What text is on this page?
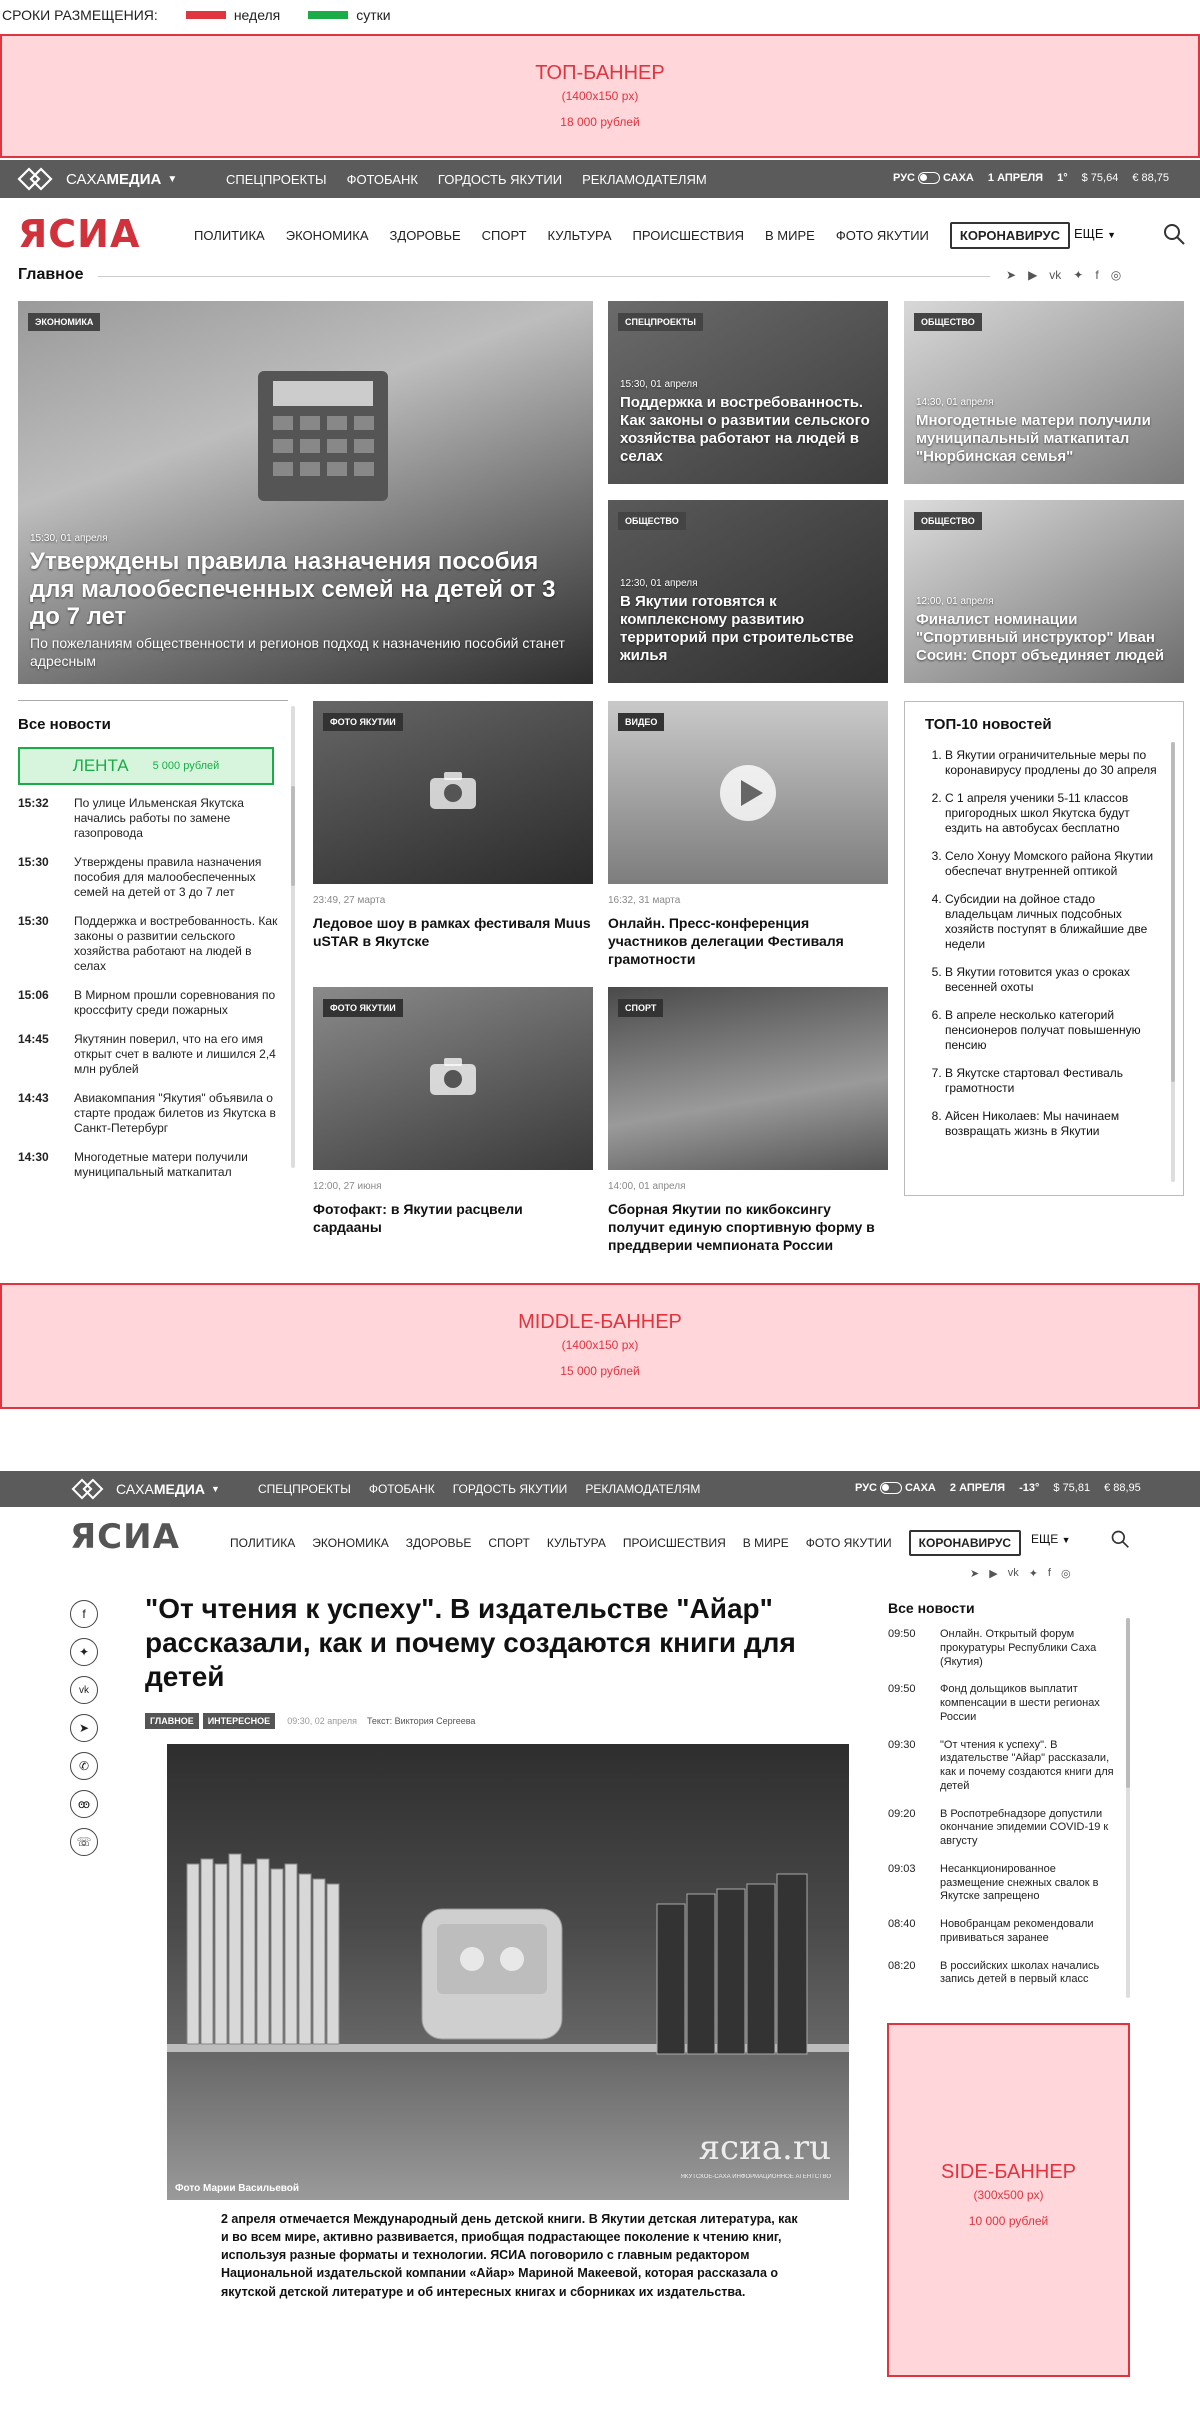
СРОКИ РАЗМЕЩЕНИЯ:	неделя	сутки
ТОП-БАННЕР
(1400x150 px)
18 000 рублей
САХА МЕДИА ▼	СПЕЦПРОЕКТЫ ФОТОБАНК ГОРДОСТЬ ЯКУТИИ РЕКЛАМОДАТЕЛЯМ	РУС	САХА 1 АПРЕЛЯ 1° $ 75,64 € 88,75
ЯСИА	ПОЛИТИКА ЭКОНОМИКА ЗДОРОВЬЕ СПОРТ КУЛЬТУРА ПРОИСШЕСТВИЯ В МИРЕ ФОТО ЯКУТИИ	КОРОНАВИРУС	ЕЩЕ ▼
Главное	➤ ▶ vk ✦ f ◎
ЭКОНОМИКА
15:30, 01 апреля
Утверждены правила назначения пособия для малообеспеченных семей на детей от 3 до 7 лет
По пожеланиям общественности и регионов подход к назначению пособий станет адресным
СПЕЦПРОЕКТЫ
15:30, 01 апреля
Поддержка и востребованность. Как законы о развитии сельского хозяйства работают на людей в селах
ОБЩЕСТВО
14:30, 01 апреля
Многодетные матери получили муниципальный маткапитал "Нюрбинская семья"
ОБЩЕСТВО
12:30, 01 апреля
В Якутии готовятся к комплексному развитию территорий при строительстве жилья
ОБЩЕСТВО
12:00, 01 апреля
Финалист номинации "Спортивный инструктор" Иван Сосин: Спорт объединяет людей
Все новости
ЛЕНТА 5 000 рублей
15:32	По улице Ильменская Якутска начались работы по замене газопровода
15:30	Утверждены правила назначения пособия для малообеспеченных семей на детей от 3 до 7 лет
15:30	Поддержка и востребованность. Как законы о развитии сельского хозяйства работают на людей в селах
15:06	В Мирном прошли соревнования по кроссфиту среди пожарных
14:45	Якутянин поверил, что на его имя открыт счет в валюте и лишился 2,4 млн рублей
14:43	Авиакомпания "Якутия" объявила о старте продаж билетов из Якутска в Санкт-Петербург
14:30	Многодетные матери получили муниципальный маткапитал
ФОТО ЯКУТИИ
23:49, 27 марта
Ледовое шоу в рамках фестиваля Muus uSTAR в Якутске
ВИДЕО
16:32, 31 марта
Онлайн. Пресс-конференция участников делегации Фестиваля грамотности
ФОТО ЯКУТИИ
12:00, 27 июня
Фотофакт: в Якутии расцвели сардааны
СПОРТ
14:00, 01 апреля
Сборная Якутии по кикбоксингу получит единую спортивную форму в преддверии чемпионата России
ТОП-10 новостей
1. В Якутии ограничительные меры по коронавирусу продлены до 30 апреля
2. С 1 апреля ученики 5-11 классов пригородных школ Якутска будут ездить на автобусах бесплатно
3. Село Хонуу Момского района Якутии обеспечат внутренней оптикой
4. Субсидии на дойное стадо владельцам личных подсобных хозяйств поступят в ближайшие две недели
5. В Якутии готовится указ о сроках весенней охоты
6. В апреле несколько категорий пенсионеров получат повышенную пенсию
7. В Якутске стартовал Фестиваль грамотности
8. Айсен Николаев: Мы начинаем возвращать жизнь в Якутии
MIDDLE-БАННЕР
(1400x150 px)
15 000 рублей
САХА МЕДИА ▼	СПЕЦПРОЕКТЫ ФОТОБАНК ГОРДОСТЬ ЯКУТИИ РЕКЛАМОДАТЕЛЯМ	РУС	САХА 2 АПРЕЛЯ -13° $ 75,81 € 88,95
ЯСИА	ПОЛИТИКА ЭКОНОМИКА ЗДОРОВЬЕ СПОРТ КУЛЬТУРА ПРОИСШЕСТВИЯ В МИРЕ ФОТО ЯКУТИИ	КОРОНАВИРУС	ЕЩЕ ▼
➤ ▶ vk ✦ f ◎
f
✦
vk
➤
✆
ꙭ
☏
"От чтения к успеху". В издательстве "Айар" рассказали, как и почему создаются книги для детей
ГЛАВНОЕ	ИНТЕРЕСНОЕ	09:30, 02 апреля Текст: Виктория Сергеева
Фото Марии Васильевой
ясиа.ru
ЯКУТСКОЕ-САХА ИНФОРМАЦИОННОЕ АГЕНТСТВО
2 апреля отмечается Международный день детской книги. В Якутии детская литература, как и во всем мире, активно развивается, приобщая подрастающее поколение к чтению книг, используя разные форматы и технологии. ЯСИА поговорило с главным редактором Национальной издательской компании «Айар» Мариной Макеевой, которая рассказала о якутской детской литературе и об интересных книгах и сборниках их издательства.
Все новости
09:50	Онлайн. Открытый форум прокуратуры Республики Саха (Якутия)
09:50	Фонд дольщиков выплатит компенсации в шести регионах России
09:30	"От чтения к успеху". В издательстве "Айар" рассказали, как и почему создаются книги для детей
09:20	В Роспотребнадзоре допустили окончание эпидемии COVID-19 к августу
09:03	Несанкционированное размещение снежных свалок в Якутске запрещено
08:40	Новобранцам рекомендовали прививаться заранее
08:20	В российских школах начались запись детей в первый класс
SIDE-БАННЕР
(300x500 px)
10 000 рублей
